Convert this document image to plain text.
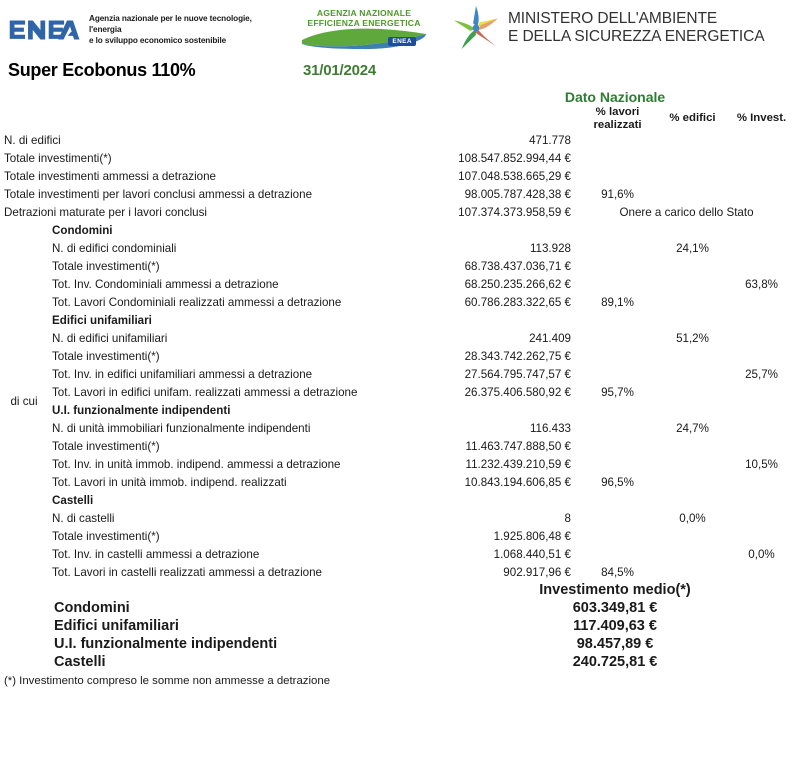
Agenzia nazionale per le nuove tecnologie, l'energia
e lo sviluppo economico sostenibile
AGENZIA NAZIONALE
EFFICIENZA ENERGETICA
ENEA
MINISTERO DELL'AMBIENTE
E DELLA SICUREZZA ENERGETICA
Super Ecobonus 110%	31/01/2024
		Dato Nazionale			

			% lavori
realizzati	% edifici	% Invest.
N. di edifici		471.778			
Totale investimenti(*)		108.547.852.994,44 €			
Totale investimenti ammessi a detrazione		107.048.538.665,29 €			
Totale investimenti per lavori conclusi ammessi a detrazione		98.005.787.428,38 €	91,6%		
Detrazioni maturate per i lavori conclusi		107.374.373.958,59 €	Onere a carico dello Stato		
di cui	Condomini				
	N. di edifici condominiali	113.928		24,1%	
	Totale investimenti(*)	68.738.437.036,71 €			
	Tot. Inv. Condominiali ammessi a detrazione	68.250.235.266,62 €			63,8%
	Tot. Lavori Condominiali realizzati ammessi a detrazione	60.786.283.322,65 €	89,1%		
	Edifici unifamiliari				
	N. di edifici unifamiliari	241.409		51,2%	
	Totale investimenti(*)	28.343.742.262,75 €			
	Tot. Inv. in edifici unifamiliari ammessi a detrazione	27.564.795.747,57 €			25,7%
	Tot. Lavori in edifici unifam. realizzati ammessi a detrazione	26.375.406.580,92 €	95,7%		
	U.I. funzionalmente indipendenti				
	N. di unità immobiliari funzionalmente indipendenti	116.433		24,7%	
	Totale investimenti(*)	11.463.747.888,50 €			
	Tot. Inv. in unità immob. indipend. ammessi a detrazione	11.232.439.210,59 €			10,5%
	Tot. Lavori in unità immob. indipend. realizzati	10.843.194.606,85 €	96,5%		
	Castelli				
	N. di castelli	8		0,0%	
	Totale investimenti(*)	1.925.806,48 €			
	Tot. Inv. in castelli ammessi a detrazione	1.068.440,51 €			0,0%
	Tot. Lavori in castelli realizzati ammessi a detrazione	902.917,96 €	84,5%		
		Investimento medio(*)			
	Condomini	603.349,81 €			
	Edifici unifamiliari	117.409,63 €			
	U.I. funzionalmente indipendenti	98.457,89 €			
	Castelli	240.725,81 €			
(*) Investimento compreso le somme non ammesse a detrazione
